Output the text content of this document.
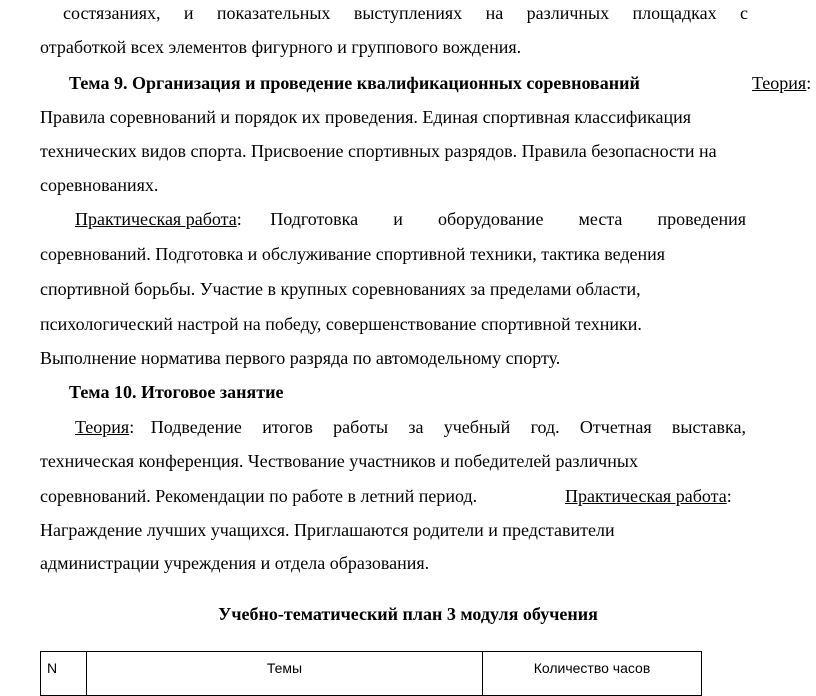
состязаниях, и показательных выступлениях на различных площадках с
отработкой всех элементов фигурного и группового вождения.
Тема 9. Организация и проведение квалификационных соревнований	Теория:
Правила соревнований и порядок их проведения. Единая спортивная классификация
технических видов спорта. Присвоение спортивных разрядов. Правила безопасности на
соревнованиях.
Практическая работа: Подготовка и оборудование места проведения
соревнований. Подготовка и обслуживание спортивной техники, тактика ведения
спортивной борьбы. Участие в крупных соревнованиях за пределами области,
психологический настрой на победу, совершенствование спортивной техники.
Выполнение норматива первого разряда по автомодельному спорту.
Тема 10. Итоговое занятие
Теория: Подведение итогов работы за учебный год. Отчетная выставка,
техническая конференция. Чествование участников и победителей различных
соревнований. Рекомендации по работе в летний период.	Практическая работа:
Награждение лучших учащихся. Приглашаются родители и представители
администрации учреждения и отдела образования.
Учебно-тематический план 3 модуля обучения
N	Темы	Количество часов
